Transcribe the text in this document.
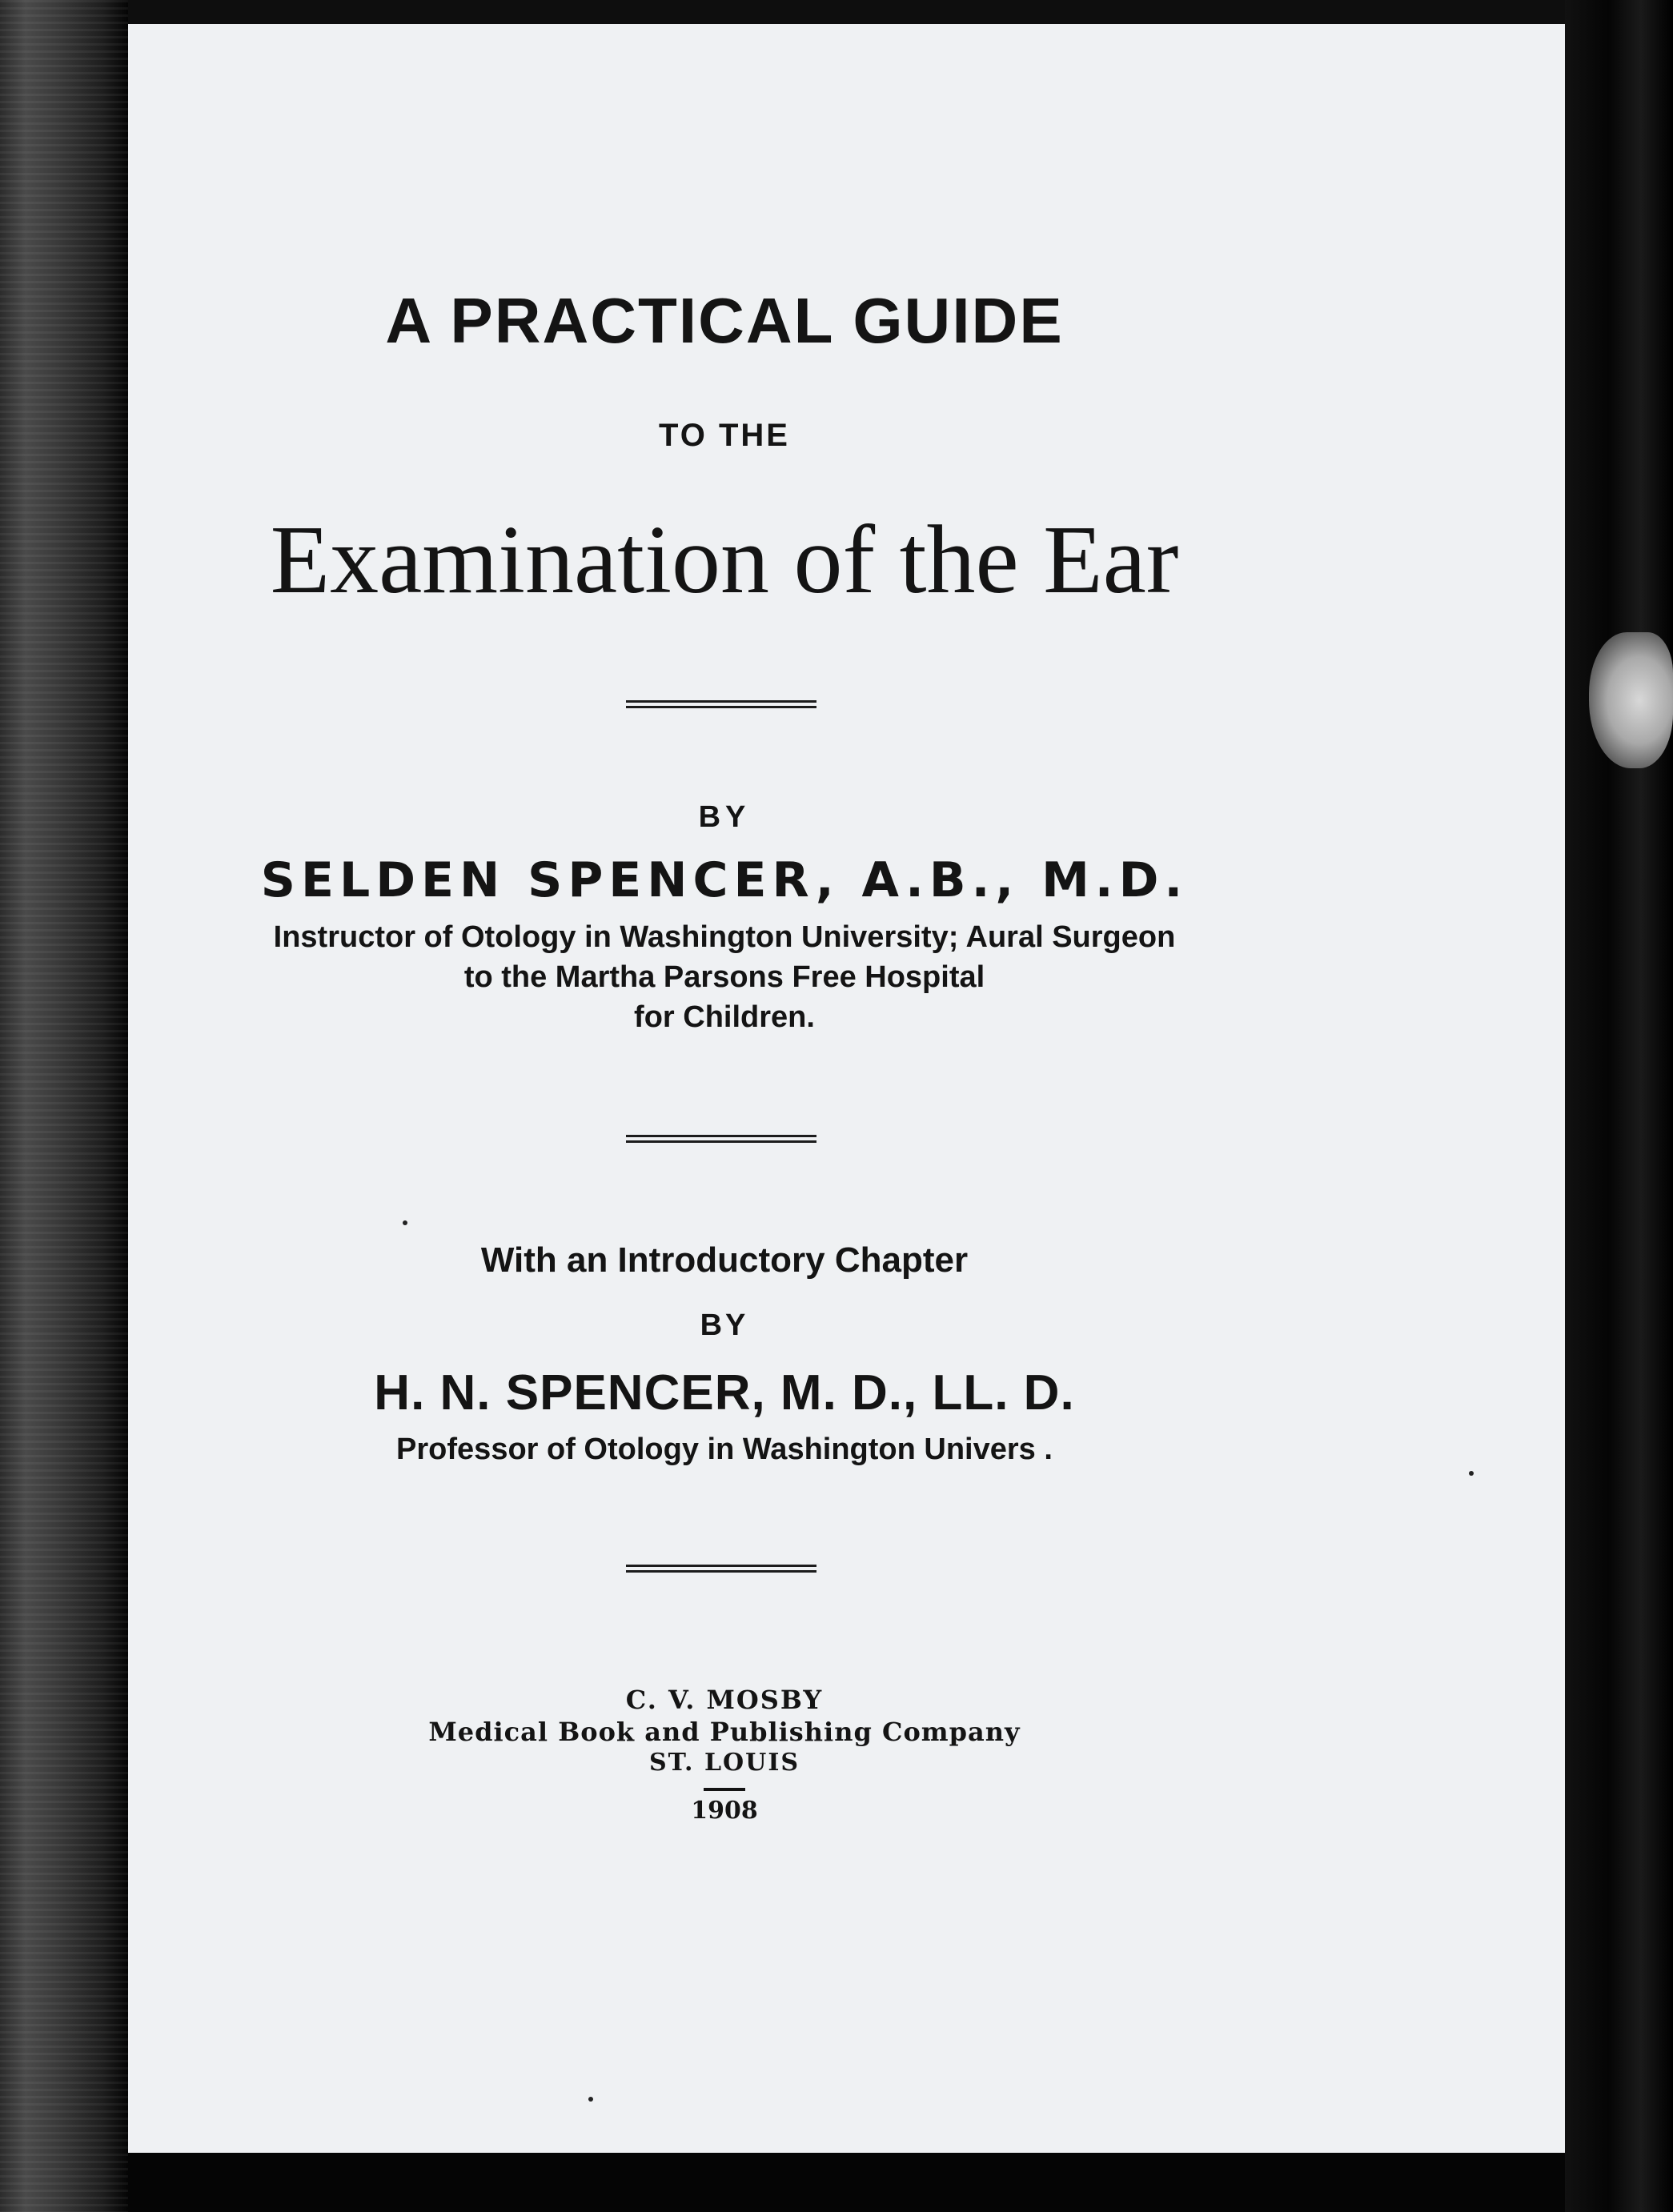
A PRACTICAL GUIDE

TO THE

Examination of the Ear

BY

SELDEN SPENCER, A.B., M.D.

Instructor of Otology in Washington University; Aural Surgeon

to the Martha Parsons Free Hospital

for Children.

With an Introductory Chapter

BY

H. N. SPENCER, M. D., LL. D.

Professor of Otology in Washington Univers .

C. V. MOSBY

Medical Book and Publishing Company

ST. LOUIS

1908
